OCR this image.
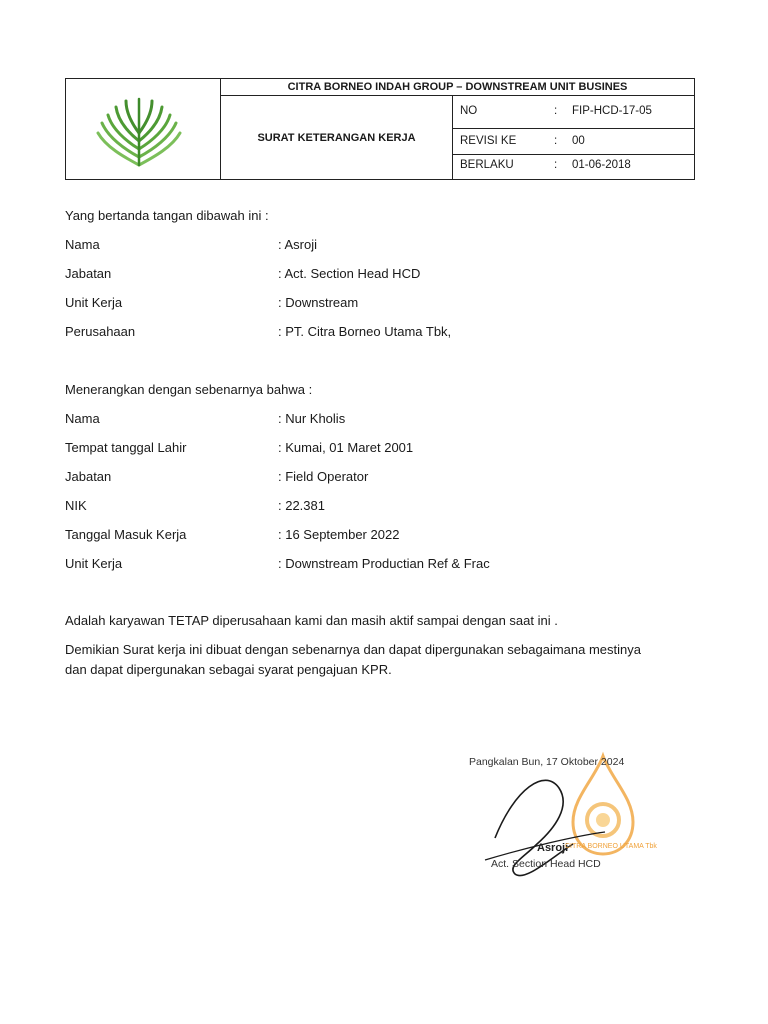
CITRA BORNEO INDAH GROUP – DOWNSTREAM UNIT BUSINES
SURAT KETERANGAN KERJA
NO	: FIP-HCD-17-05
REVISI KE	: 00
BERLAKU	: 01-06-2018
Yang bertanda tangan dibawah ini :
Nama	: Asroji
Jabatan	: Act. Section Head HCD
Unit Kerja	: Downstream
Perusahaan	: PT. Citra Borneo Utama Tbk,
Menerangkan dengan sebenarnya bahwa :
Nama	: Nur Kholis
Tempat tanggal Lahir	: Kumai, 01 Maret 2001
Jabatan	: Field Operator
NIK	: 22.381
Tanggal Masuk Kerja	: 16 September 2022
Unit Kerja	: Downstream Productian Ref & Frac
Adalah karyawan TETAP diperusahaan kami dan masih aktif sampai dengan saat ini .
Demikian Surat kerja ini dibuat dengan sebenarnya dan dapat dipergunakan sebagaimana mestinya dan dapat dipergunakan sebagai syarat pengajuan KPR.
Pangkalan Bun, 17 Oktober 2024
Asroji
CITRA BORNEO UTAMA Tbk
Act. Section Head HCD
